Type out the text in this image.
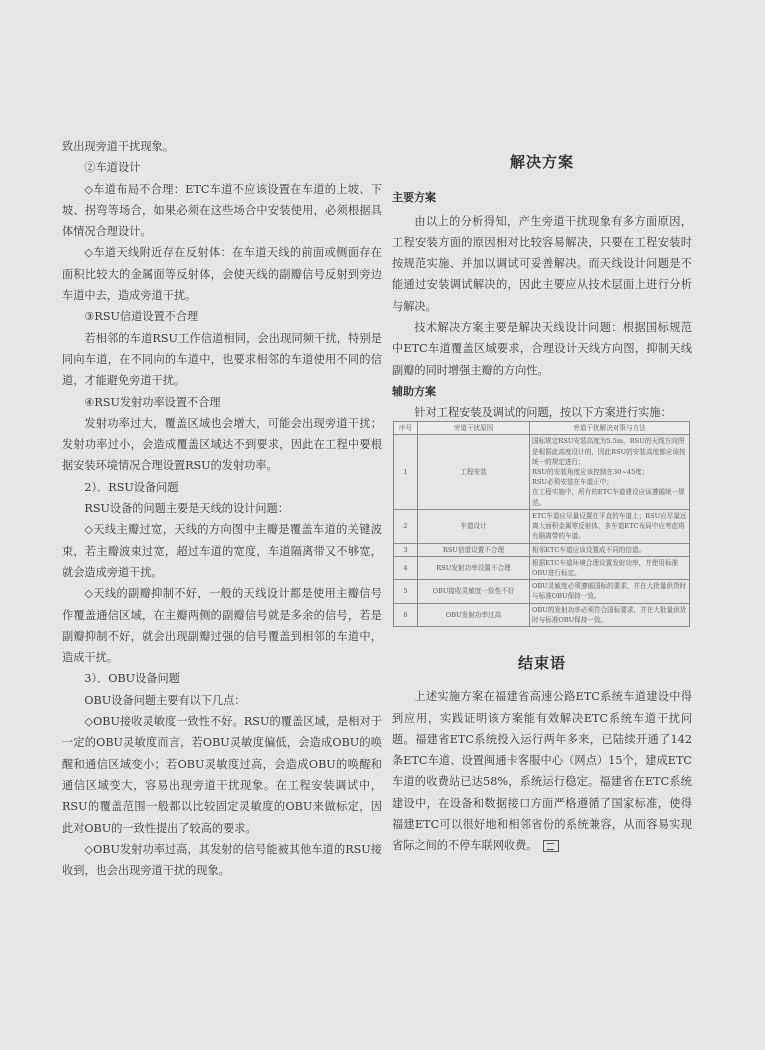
致出现旁道干扰现象。

②车道设计

◇车道布局不合理：ETC车道不应该设置在车道的上坡、下坡、拐弯等场合，如果必须在这些场合中安装使用，必须根据具体情况合理设计。

◇车道天线附近存在反射体：在车道天线的前面或侧面存在面积比较大的金属面等反射体，会使天线的副瓣信号反射到旁边车道中去，造成旁道干扰。

③RSU信道设置不合理

若相邻的车道RSU工作信道相同，会出现同频干扰，特别是同向车道，在不同向的车道中，也要求相邻的车道使用不同的信道，才能避免旁道干扰。

④RSU发射功率设置不合理

发射功率过大，覆盖区域也会增大，可能会出现旁道干扰；发射功率过小，会造成覆盖区域达不到要求，因此在工程中要根据安装环境情况合理设置RSU的发射功率。

2）．RSU设备问题

RSU设备的问题主要是天线的设计问题：

◇天线主瓣过宽，天线的方向图中主瓣是覆盖车道的关键波束，若主瓣波束过宽，超过车道的宽度，车道隔离带又不够宽，就会造成旁道干扰。

◇天线的副瓣抑制不好，一般的天线设计都是使用主瓣信号作覆盖通信区域，在主瓣两侧的副瓣信号就是多余的信号，若是副瓣抑制不好，就会出现副瓣过强的信号覆盖到相邻的车道中，造成干扰。

3）．OBU设备问题

OBU设备问题主要有以下几点：

◇OBU接收灵敏度一致性不好。RSU的覆盖区域，是相对于一定的OBU灵敏度而言，若OBU灵敏度偏低，会造成OBU的唤醒和通信区域变小；若OBU灵敏度过高，会造成OBU的唤醒和通信区域变大，容易出现旁道干扰现象。在工程安装调试中，RSU的覆盖范围一般都以比较固定灵敏度的OBU来做标定，因此对OBU的一致性提出了较高的要求。

◇OBU发射功率过高，其发射的信号能被其他车道的RSU接收到，也会出现旁道干扰的现象。

解决方案
主要方案

由以上的分析得知，产生旁道干扰现象有多方面原因，工程安装方面的原因相对比较容易解决，只要在工程安装时按规范实施、并加以调试可妥善解决。而天线设计问题是不能通过安装调试解决的，因此主要应从技术层面上进行分析与解决。

技术解决方案主要是解决天线设计问题：根据国标规范中ETC车道覆盖区域要求，合理设计天线方向图，抑制天线副瓣的同时增强主瓣的方向性。

辅助方案

针对工程安装及调试的问题，按以下方案进行实施：

序号	旁道干扰原因	旁道干扰解决对策与方法
1	工程安装	国标规定RSU安装高度为5.5m，RSU的天线方向图是根据此高度设计的，因此RSU的安装高度都应该按统一的规定进行；
RSU的安装角度应该控制在30~45度；
RSU必须安装在车道正中；
在工程实施中，所有的ETC车道建设应该遵循统一规范。
2	车道设计	ETC车道应尽量设置在平直的车道上；RSU应尽量远离大面积金属等反射体，多车道ETC布局中应考虑将有隔离带的车道。
3	RSU信道设置不合理	相邻ETC车道应该设置成不同的信道。
4	RSU发射功率设置不合理	根据ETC车道环境合理设置发射功率，并使用标准OBU进行标定。
5	OBU接收灵敏度一致性不好	OBU灵敏度必须遵循国标的要求，并在大批量供货时与标准OBU保持一致。
6	OBU发射功率过高	OBU的发射功率必须符合国标要求，并在大批量供货时与标准OBU保持一致。
结束语

上述实施方案在福建省高速公路ETC系统车道建设中得到应用，实践证明该方案能有效解决ETC系统车道干扰问题。福建省ETC系统投入运行两年多来，已陆续开通了142条ETC车道、设置闽通卡客服中心（网点）15个，建成ETC车道的收费站已达58%，系统运行稳定。福建省在ETC系统建设中，在设备和数据接口方面严格遵循了国家标准，使得福建ETC可以很好地和相邻省份的系统兼容，从而容易实现省际之间的不停车联网收费。
